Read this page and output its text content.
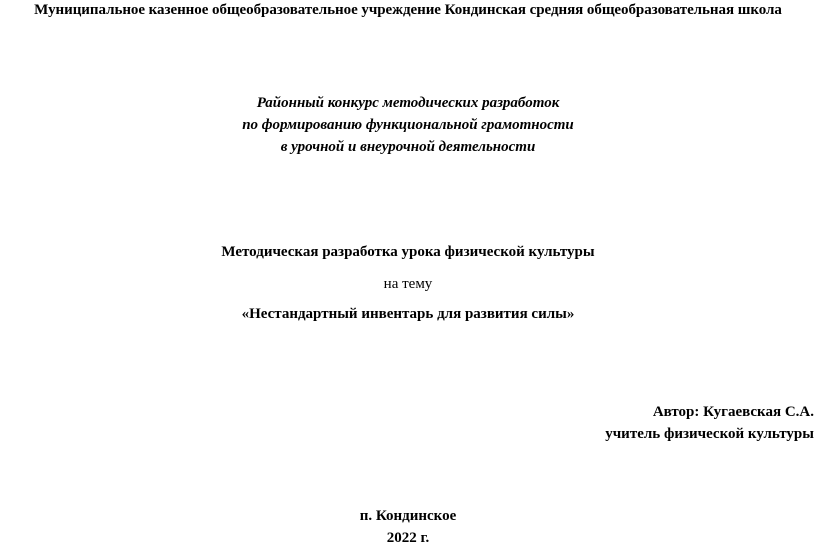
Муниципальное казенное общеобразовательное учреждение Кондинская средняя общеобразовательная школа

Районный конкурс методических разработок

по формированию функциональной грамотности

в урочной и внеурочной деятельности

Методическая разработка урока физической культуры

на тему

«Нестандартный инвентарь для развития силы»

Автор: Кугаевская С.А.

учитель физической культуры

п. Кондинское

2022 г.
